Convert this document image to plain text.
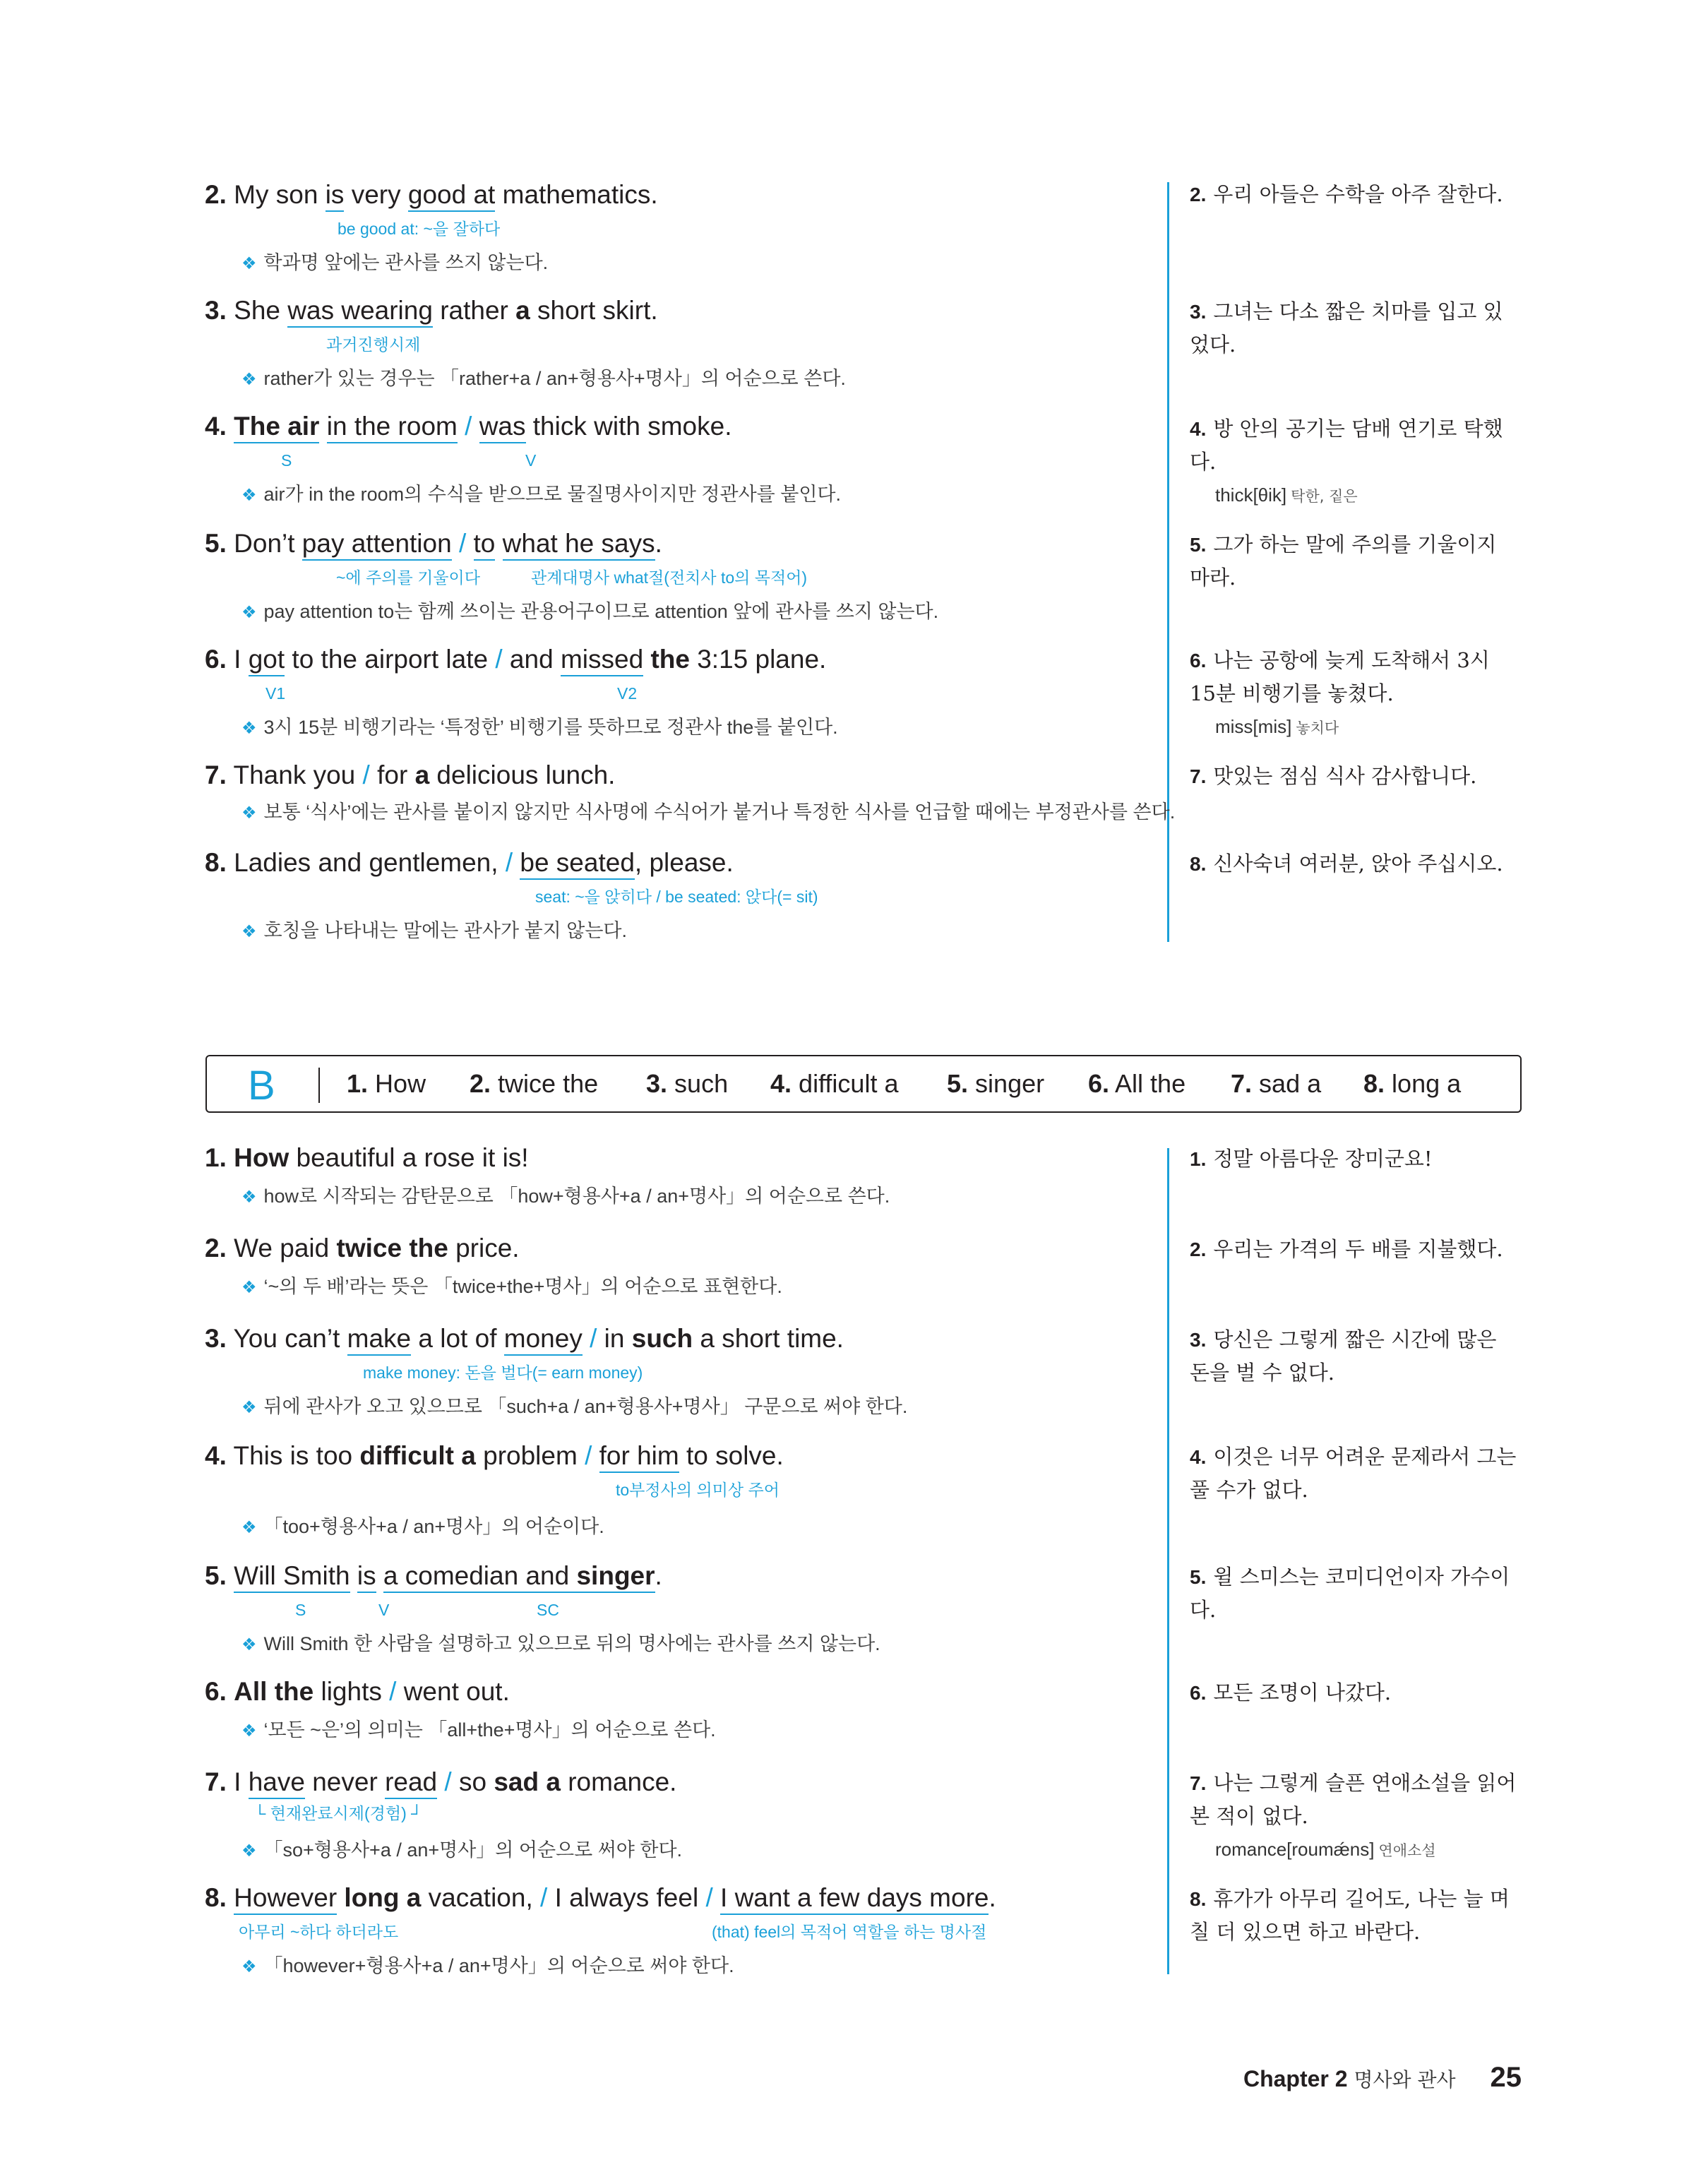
2. My son is very good at mathematics.
be good at: ~을 잘하다
❖ 학과명 앞에는 관사를 쓰지 않는다.
2. 우리 아들은 수학을 아주 잘한다.
3. She was wearing rather a short skirt.
과거진행시제
❖ rather가 있는 경우는 「rather+a / an+형용사+명사」의 어순으로 쓴다.
3. 그녀는 다소 짧은 치마를 입고 있었다.
4. The air in the room / was thick with smoke.
S	V
❖ air가 in the room의 수식을 받으므로 물질명사이지만 정관사를 붙인다.
4. 방 안의 공기는 담배 연기로 탁했다.
thick[θik] 탁한, 짙은
5. Don’t pay attention / to what he says.
~에 주의를 기울이다	관계대명사 what절(전치사 to의 목적어)
❖ pay attention to는 함께 쓰이는 관용어구이므로 attention 앞에 관사를 쓰지 않는다.
5. 그가 하는 말에 주의를 기울이지 마라.
6. I got to the airport late / and missed the 3:15 plane.
V1	V2
❖ 3시 15분 비행기라는 ‘특정한’ 비행기를 뜻하므로 정관사 the를 붙인다.
6. 나는 공항에 늦게 도착해서 3시 15분 비행기를 놓쳤다.
miss[mis] 놓치다
7. Thank you / for a delicious lunch.
❖ 보통 ‘식사’에는 관사를 붙이지 않지만 식사명에 수식어가 붙거나 특정한 식사를 언급할 때에는 부정관사를 쓴다.
7. 맛있는 점심 식사 감사합니다.
8. Ladies and gentlemen, / be seated, please.
seat: ~을 앉히다 / be seated: 앉다(= sit)
❖ 호칭을 나타내는 말에는 관사가 붙지 않는다.
8. 신사숙녀 여러분, 앉아 주십시오.
B	1. How 2. twice the 3. such 4. difficult a 5. singer 6. All the 7. sad a 8. long a
1. How beautiful a rose it is!
❖ how로 시작되는 감탄문으로 「how+형용사+a / an+명사」의 어순으로 쓴다.
1. 정말 아름다운 장미군요!
2. We paid twice the price.
❖ ‘~의 두 배’라는 뜻은 「twice+the+명사」의 어순으로 표현한다.
2. 우리는 가격의 두 배를 지불했다.
3. You can’t make a lot of money / in such a short time.
make money: 돈을 벌다(= earn money)
❖ 뒤에 관사가 오고 있으므로 「such+a / an+형용사+명사」 구문으로 써야 한다.
3. 당신은 그렇게 짧은 시간에 많은 돈을 벌 수 없다.
4. This is too difficult a problem / for him to solve.
to부정사의 의미상 주어
❖ 「too+형용사+a / an+명사」의 어순이다.
4. 이것은 너무 어려운 문제라서 그는 풀 수가 없다.
5. Will Smith is a comedian and singer.
S	V	SC
❖ Will Smith 한 사람을 설명하고 있으므로 뒤의 명사에는 관사를 쓰지 않는다.
5. 윌 스미스는 코미디언이자 가수이다.
6. All the lights / went out.
❖ ‘모든 ~은’의 의미는 「all+the+명사」의 어순으로 쓴다.
6. 모든 조명이 나갔다.
7. I have never read / so sad a romance.
└ 현재완료시제(경험) ┘
❖ 「so+형용사+a / an+명사」의 어순으로 써야 한다.
7. 나는 그렇게 슬픈 연애소설을 읽어 본 적이 없다.
romance[roumǽns] 연애소설
8. However long a vacation, / I always feel / I want a few days more.
아무리 ~하다 하더라도	(that) feel의 목적어 역할을 하는 명사절
❖ 「however+형용사+a / an+명사」의 어순으로 써야 한다.
8. 휴가가 아무리 길어도, 나는 늘 며칠 더 있으면 하고 바란다.
Chapter 2 명사와 관사 25
